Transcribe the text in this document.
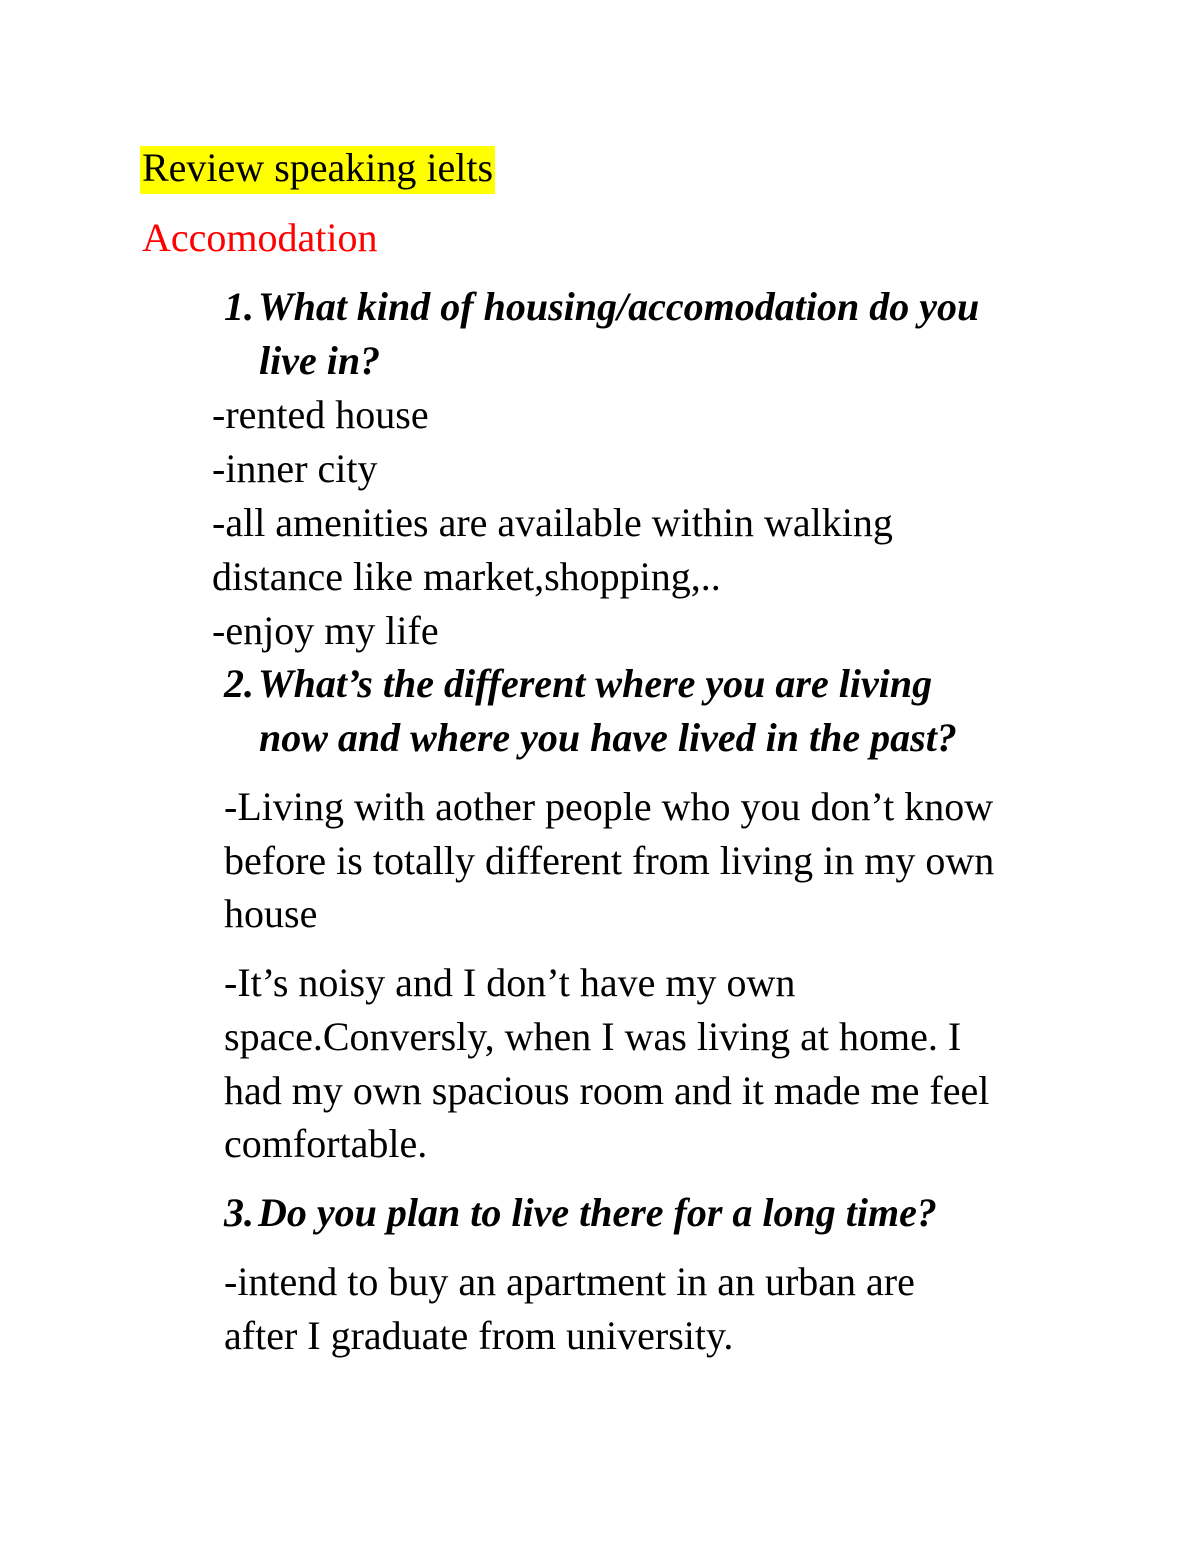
Review speaking ielts
Accomodation
1. What kind of housing/accomodation do you
live in?
-rented house
-inner city
-all amenities are available within walking
distance like market,shopping,..
-enjoy my life
2. What’s the different where you are living
now and where you have lived in the past?
-Living with aother people who you don’t know
before is totally different from living in my own
house
-It’s noisy and I don’t have my own
space.Conversly, when I was living at home. I
had my own spacious room and it made me feel
comfortable.
3. Do you plan to live there for a long time?
-intend to buy an apartment in an urban are
after I graduate from university.
